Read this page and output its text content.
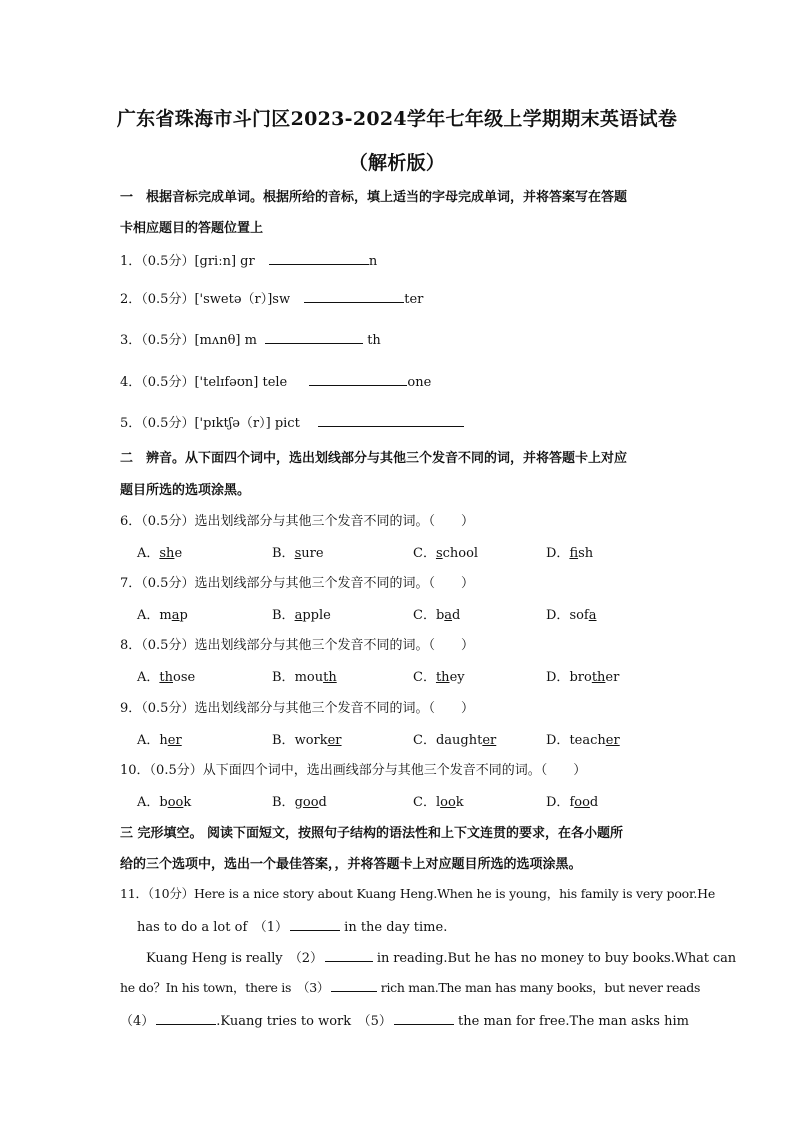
广东省珠海市斗门区2023-2024学年七年级上学期期末英语试卷
（解析版）
一　根据音标完成单词。根据所给的音标，填上适当的字母完成单词，并将答案写在答题
卡相应题目的答题位置上
1．（0.5分）[griːn] gr	n
2．（0.5分）['swetə（r）]sw	ter
3．（0.5分）[mʌnθ] m	th
4．（0.5分）['telɪfəʊn] tele	one
5．（0.5分）['pɪktʃə（r）] pict
二　辨音。从下面四个词中，选出划线部分与其他三个发音不同的词，并将答题卡上对应
题目所选的选项涂黑。
6．（0.5分）选出划线部分与其他三个发音不同的词。（　　）
A．she	B．sure	C．school	D．fish
7．（0.5分）选出划线部分与其他三个发音不同的词。（　　）
A．map	B．apple	C．bad	D．sofa
8．（0.5分）选出划线部分与其他三个发音不同的词。（　　）
A．those	B．mouth	C．they	D．brother
9．（0.5分）选出划线部分与其他三个发音不同的词。（　　）
A．her	B．worker	C．daughter	D．teacher
10．（0.5分）从下面四个词中，选出画线部分与其他三个发音不同的词。（　　）
A．book	B．good	C．look	D．food
三 完形填空。 阅读下面短文，按照句子结构的语法性和上下文连贯的要求，在各小题所
给的三个选项中，选出一个最佳答案，，并将答题卡上对应题目所选的选项涂黑。
11．（10分）Here is a nice story about Kuang Heng.When he is young，his family is very poor.He
has to do a lot of　（1）	in the day time.
Kuang Heng is really　（2）	in reading.But he has no money to buy books.What can
he do？In his town，there is　（3）	rich man.The man has many books，but never reads
（4）	.Kuang tries to work　（5）	the man for free.The man asks him
